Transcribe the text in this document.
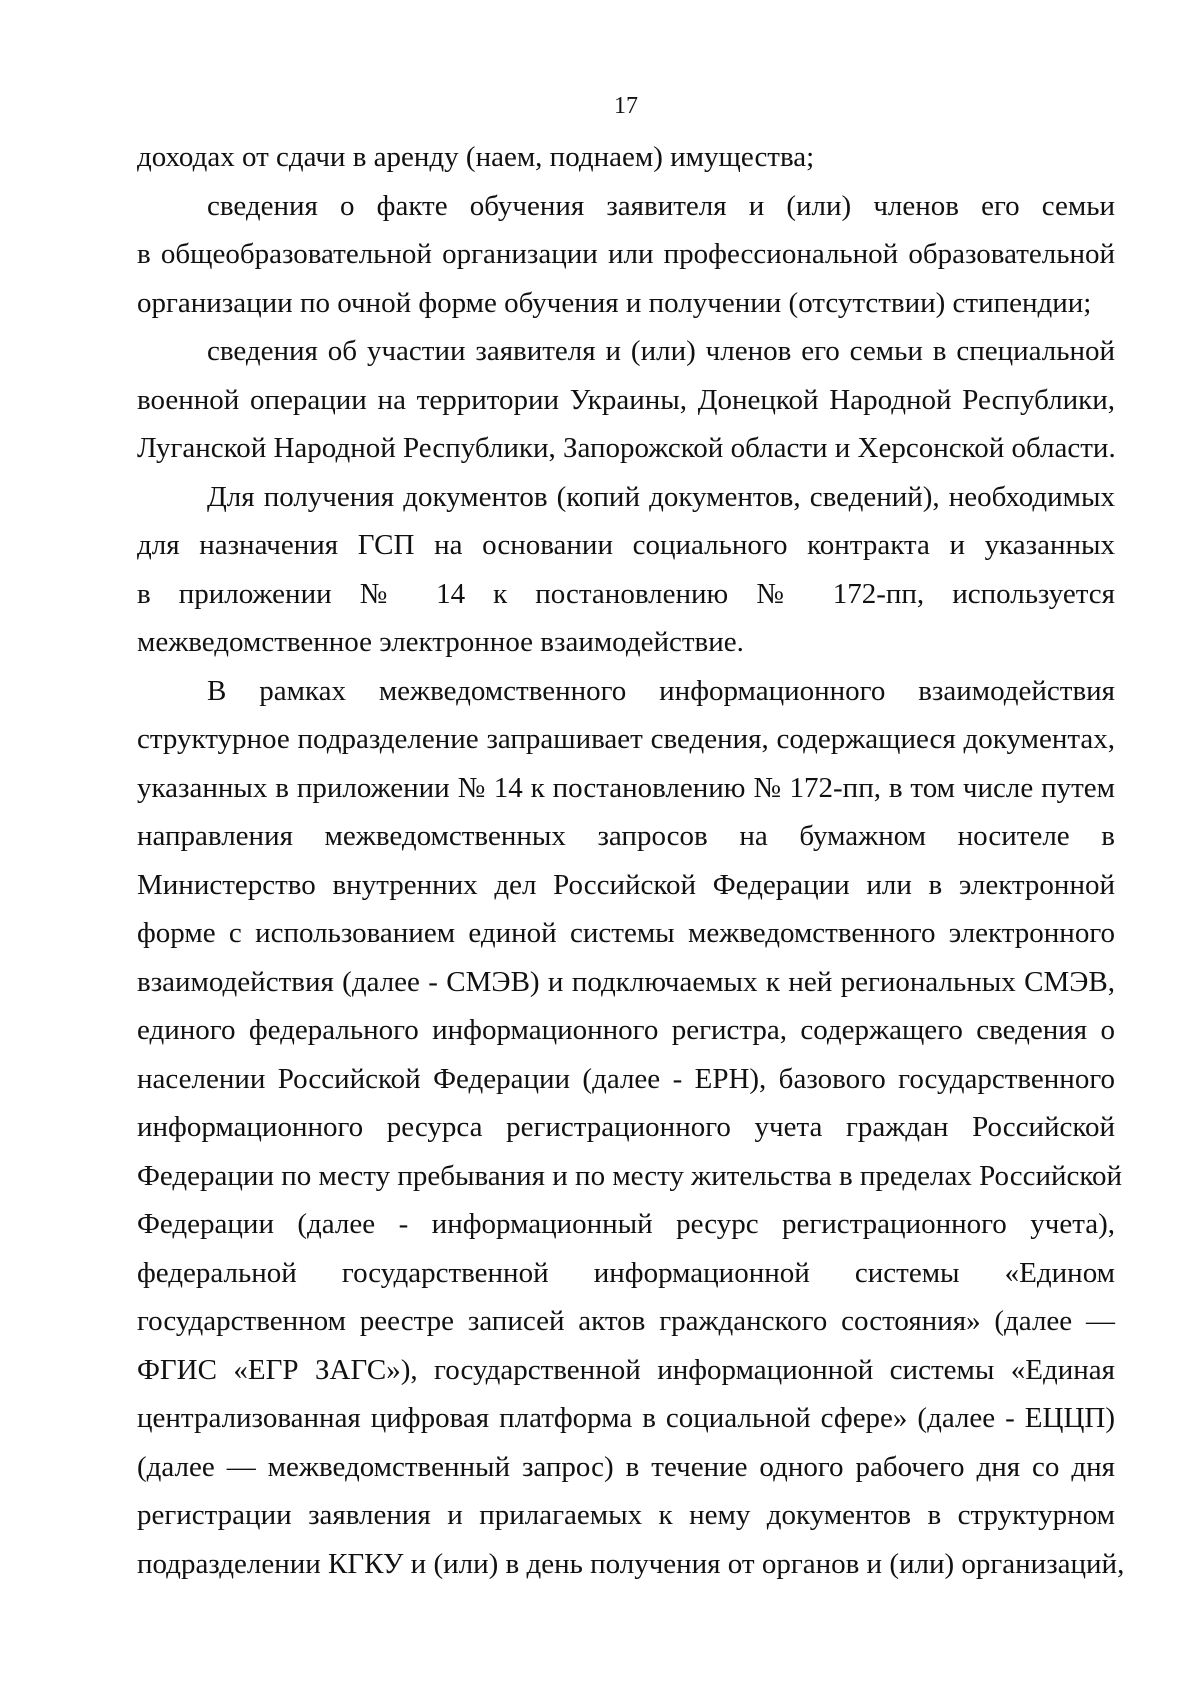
17
доходах от сдачи в аренду (наем, поднаем) имущества;
сведения о факте обучения заявителя и (или) членов его семьи
в общеобразовательной организации или профессиональной образовательной
организации по очной форме обучения и получении (отсутствии) стипендии;
сведения об участии заявителя и (или) членов его семьи в специальной
военной операции на территории Украины, Донецкой Народной Республики,
Луганской Народной Республики, Запорожской области и Херсонской области.
Для получения документов (копий документов, сведений), необходимых
для назначения ГСП на основании социального контракта и указанных
в приложении № 14 к постановлению № 172-пп, используется
межведомственное электронное взаимодействие.
В рамках межведомственного информационного взаимодействия
структурное подразделение запрашивает сведения, содержащиеся документах,
указанных в приложении № 14 к постановлению № 172-пп, в том числе путем
направления межведомственных запросов на бумажном носителе в
Министерство внутренних дел Российской Федерации или в электронной
форме с использованием единой системы межведомственного электронного
взаимодействия (далее - СМЭВ) и подключаемых к ней региональных СМЭВ,
единого федерального информационного регистра, содержащего сведения о
населении Российской Федерации (далее - ЕРН), базового государственного
информационного ресурса регистрационного учета граждан Российской
Федерации по месту пребывания и по месту жительства в пределах Российской
Федерации (далее - информационный ресурс регистрационного учета),
федеральной государственной информационной системы «Едином
государственном реестре записей актов гражданского состояния» (далее —
ФГИС «ЕГР ЗАГС»), государственной информационной системы «Единая
централизованная цифровая платформа в социальной сфере» (далее - ЕЦЦП)
(далее — межведомственный запрос) в течение одного рабочего дня со дня
регистрации заявления и прилагаемых к нему документов в структурном
подразделении КГКУ и (или) в день получения от органов и (или) организаций,
